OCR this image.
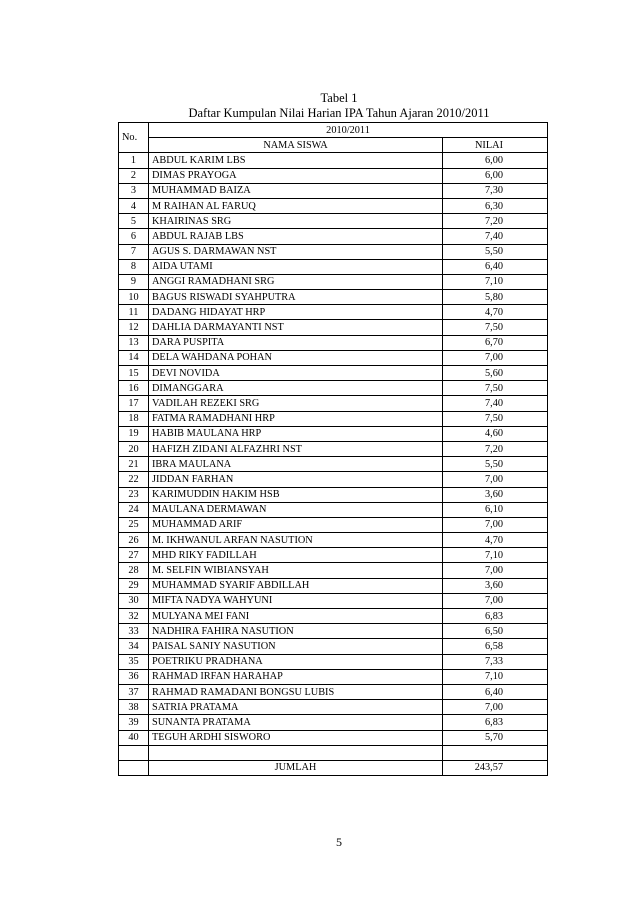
Tabel 1
Daftar Kumpulan Nilai Harian IPA Tahun Ajaran 2010/2011
No.	2010/2011	
	NAMA SISWA	NILAI
1	ABDUL KARIM LBS	6,00
2	DIMAS PRAYOGA	6,00
3	MUHAMMAD BAIZA	7,30
4	M RAIHAN AL FARUQ	6,30
5	KHAIRINAS SRG	7,20
6	ABDUL RAJAB LBS	7,40
7	AGUS S. DARMAWAN NST	5,50
8	AIDA UTAMI	6,40
9	ANGGI RAMADHANI SRG	7,10
10	BAGUS RISWADI SYAHPUTRA	5,80
11	DADANG HIDAYAT HRP	4,70
12	DAHLIA DARMAYANTI NST	7,50
13	DARA PUSPITA	6,70
14	DELA WAHDANA POHAN	7,00
15	DEVI NOVIDA	5,60
16	DIMANGGARA	7,50
17	VADILAH REZEKI SRG	7,40
18	FATMA RAMADHANI HRP	7,50
19	HABIB MAULANA HRP	4,60
20	HAFIZH ZIDANI ALFAZHRI NST	7,20
21	IBRA MAULANA	5,50
22	JIDDAN FARHAN	7,00
23	KARIMUDDIN HAKIM HSB	3,60
24	MAULANA DERMAWAN	6,10
25	MUHAMMAD ARIF	7,00
26	M. IKHWANUL ARFAN NASUTION	4,70
27	MHD RIKY FADILLAH	7,10
28	M. SELFIN WIBIANSYAH	7,00
29	MUHAMMAD SYARIF ABDILLAH	3,60
30	MIFTA NADYA WAHYUNI	7,00
32	MULYANA MEI FANI	6,83
33	NADHIRA FAHIRA NASUTION	6,50
34	PAISAL SANIY NASUTION	6,58
35	POETRIKU PRADHANA	7,33
36	RAHMAD IRFAN HARAHAP	7,10
37	RAHMAD RAMADANI BONGSU LUBIS	6,40
38	SATRIA PRATAMA	7,00
39	SUNANTA PRATAMA	6,83
40	TEGUH ARDHI SISWORO	5,70

	JUMLAH	243,57
5
